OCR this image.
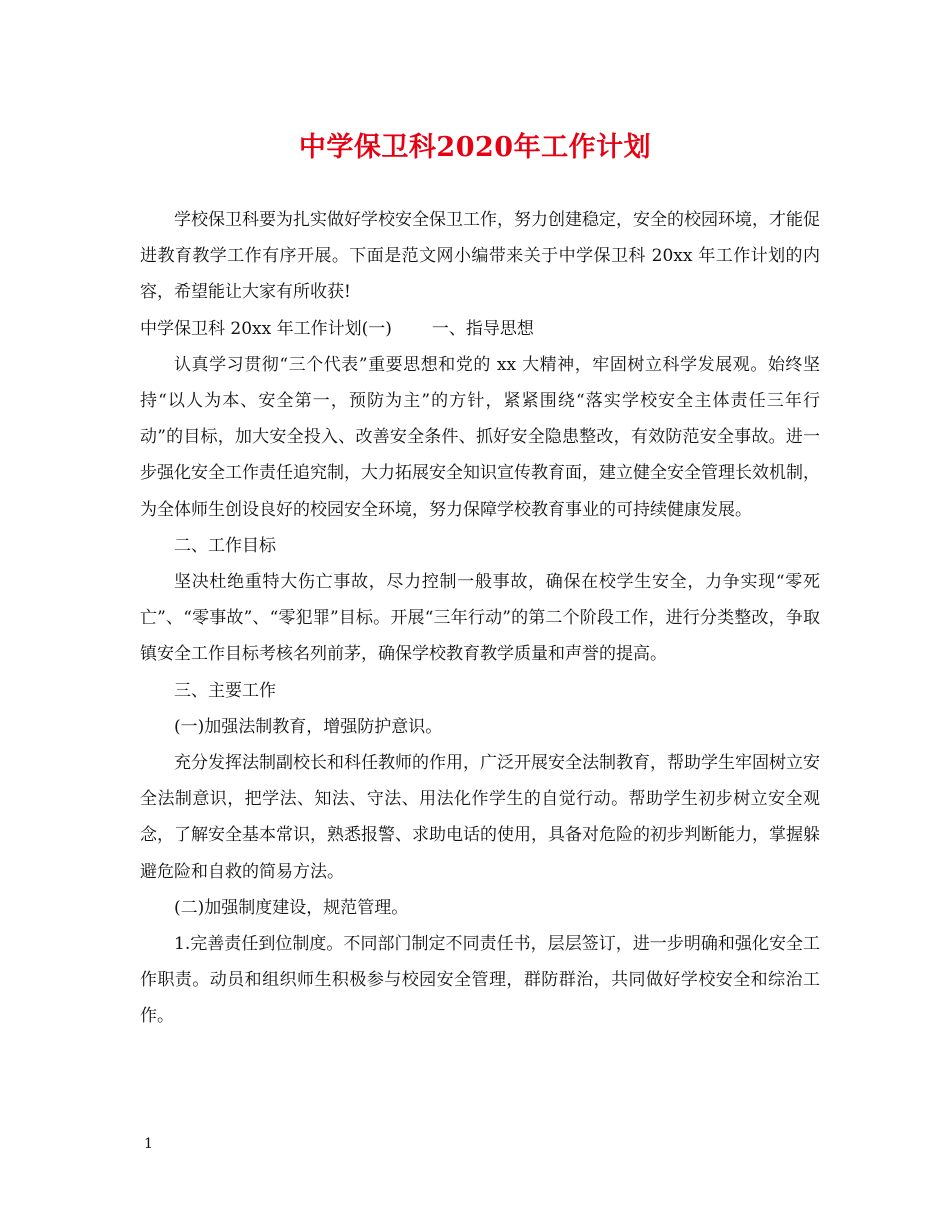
中学保卫科2020年工作计划

学校保卫科要为扎实做好学校安全保卫工作，努力创建稳定，安全的校园环境，才能促进教育教学工作有序开展。下面是范文网小编带来关于中学保卫科 20xx 年工作计划的内容，希望能让大家有所收获!

中学保卫科 20xx 年工作计划(一) 一、指导思想

认真学习贯彻“三个代表”重要思想和党的 xx 大精神，牢固树立科学发展观。始终坚持“以人为本、安全第一，预防为主”的方针，紧紧围绕“落实学校安全主体责任三年行动”的目标，加大安全投入、改善安全条件、抓好安全隐患整改，有效防范安全事故。进一步强化安全工作责任追究制，大力拓展安全知识宣传教育面，建立健全安全管理长效机制，为全体师生创设良好的校园安全环境，努力保障学校教育事业的可持续健康发展。

二、工作目标

坚决杜绝重特大伤亡事故，尽力控制一般事故，确保在校学生安全，力争实现“零死亡”、“零事故”、“零犯罪”目标。开展“三年行动”的第二个阶段工作，进行分类整改，争取镇安全工作目标考核名列前茅，确保学校教育教学质量和声誉的提高。

三、主要工作

(一)加强法制教育，增强防护意识。

充分发挥法制副校长和科任教师的作用，广泛开展安全法制教育，帮助学生牢固树立安全法制意识，把学法、知法、守法、用法化作学生的自觉行动。帮助学生初步树立安全观念，了解安全基本常识，熟悉报警、求助电话的使用，具备对危险的初步判断能力，掌握躲避危险和自救的简易方法。

(二)加强制度建设，规范管理。

1.完善责任到位制度。不同部门制定不同责任书，层层签订，进一步明确和强化安全工作职责。动员和组织师生积极参与校园安全管理，群防群治，共同做好学校安全和综治工作。

1
